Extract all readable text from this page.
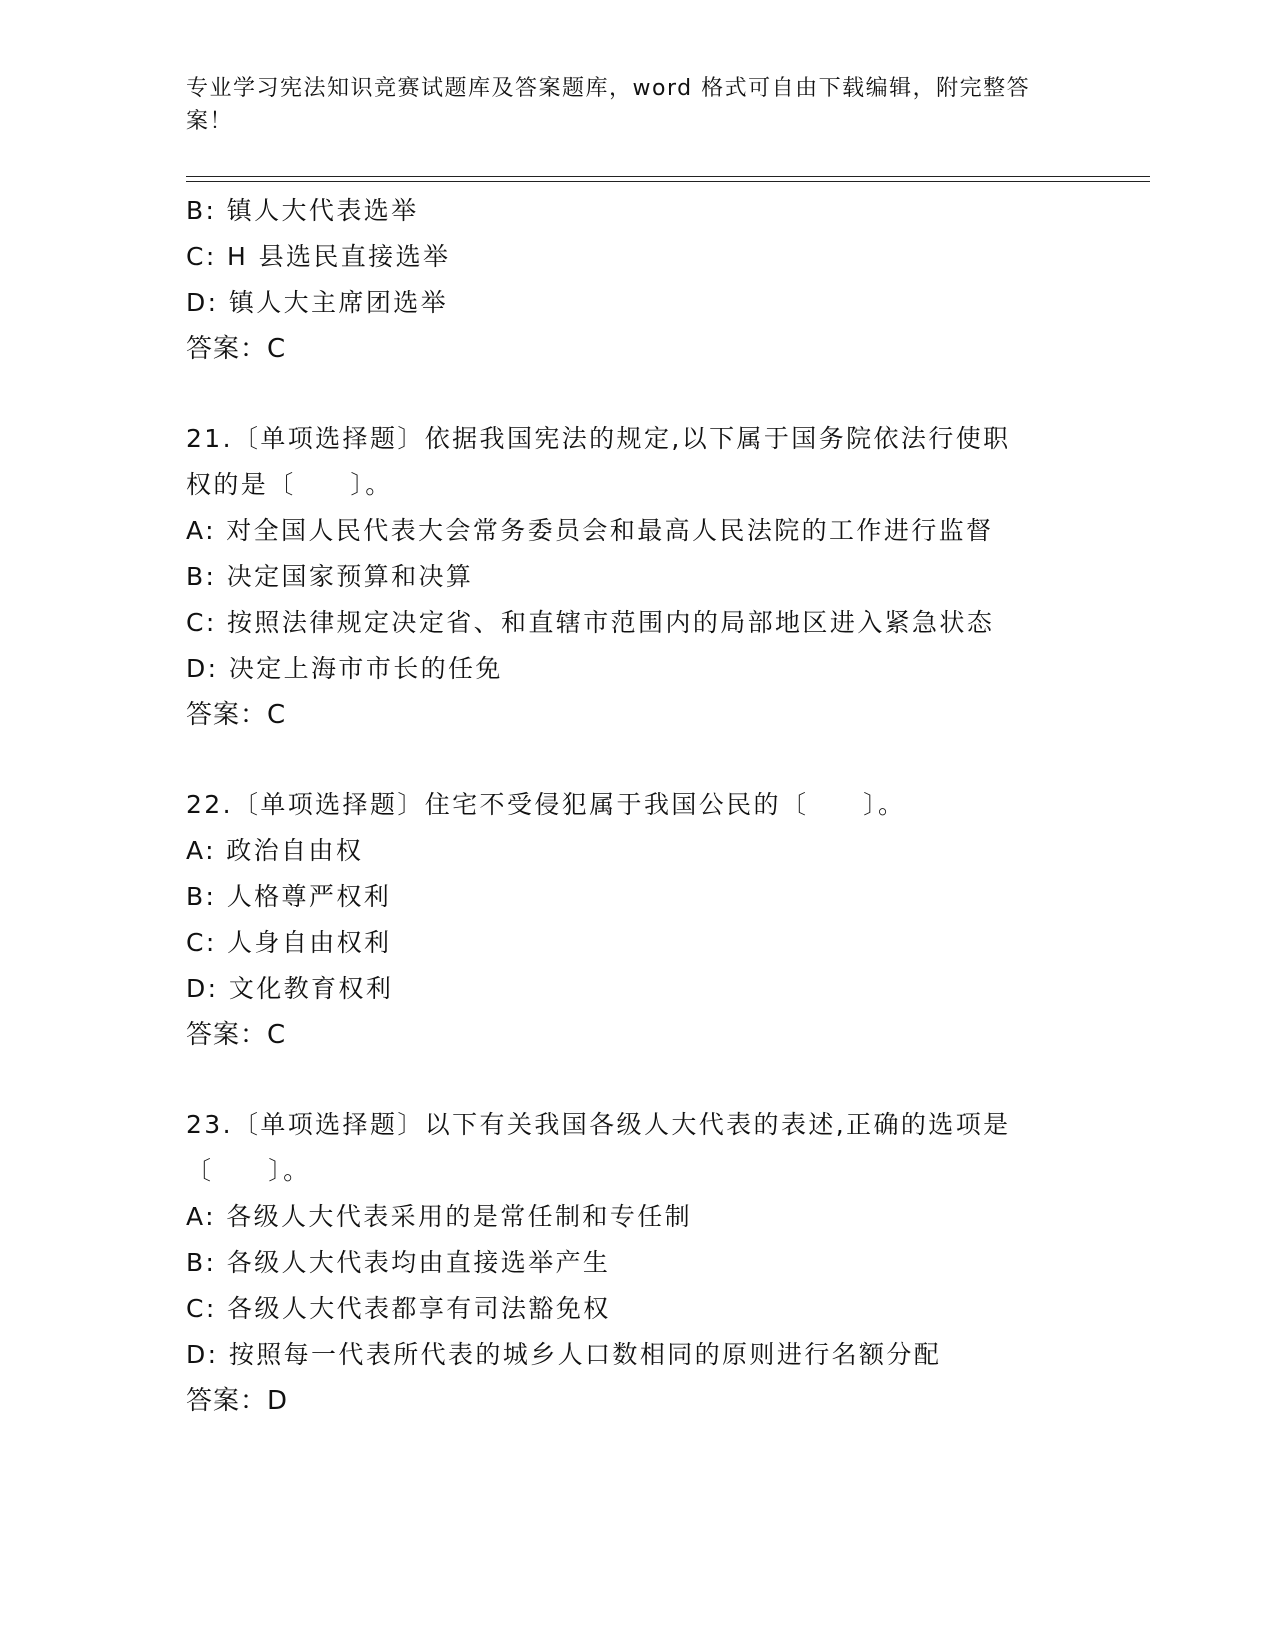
专业学习宪法知识竞赛试题库及答案题库，word 格式可自由下载编辑，附完整答案！
B: 镇人大代表选举
C: H 县选民直接选举
D: 镇人大主席团选举
答案：C
21.〔单项选择题〕依据我国宪法的规定,以下属于国务院依法行使职权的是〔　　〕。
A: 对全国人民代表大会常务委员会和最高人民法院的工作进行监督
B: 决定国家预算和决算
C: 按照法律规定决定省、和直辖市范围内的局部地区进入紧急状态
D: 决定上海市市长的任免
答案：C
22.〔单项选择题〕住宅不受侵犯属于我国公民的〔　　〕。
A: 政治自由权
B: 人格尊严权利
C: 人身自由权利
D: 文化教育权利
答案：C
23.〔单项选择题〕以下有关我国各级人大代表的表述,正确的选项是〔　　〕。
A: 各级人大代表采用的是常任制和专任制
B: 各级人大代表均由直接选举产生
C: 各级人大代表都享有司法豁免权
D: 按照每一代表所代表的城乡人口数相同的原则进行名额分配
答案：D
